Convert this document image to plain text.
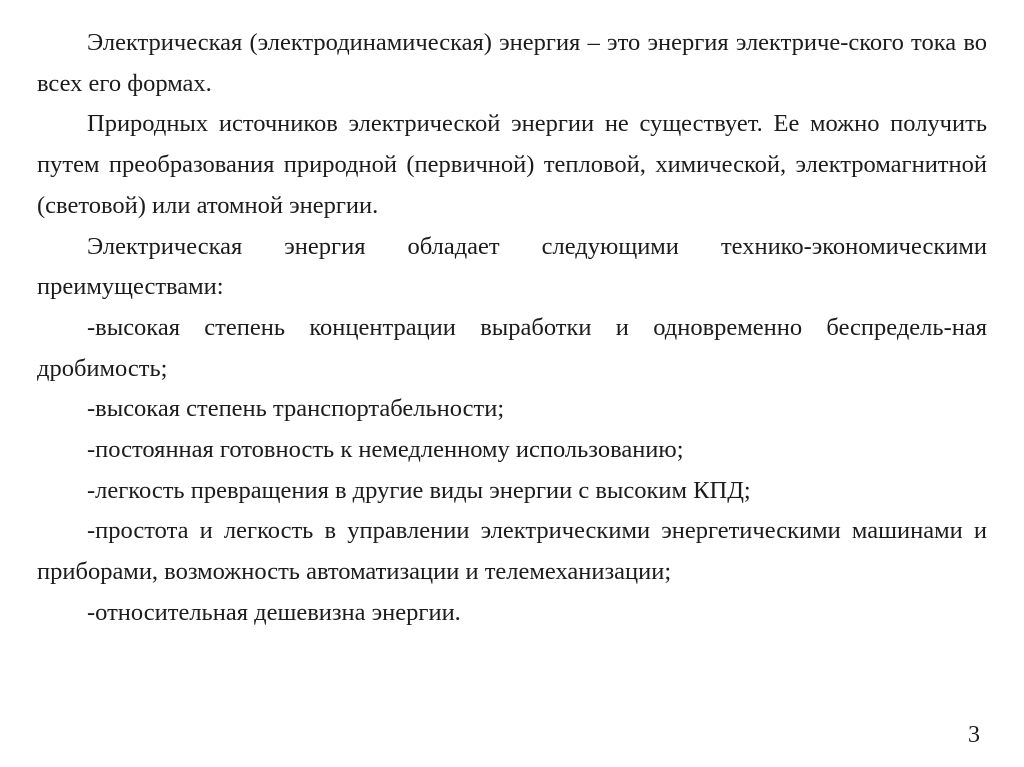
Электрическая (электродинамическая) энергия – это энергия электриче-ского тока во всех его формах.

Природных источников электрической энергии не существует. Ее можно получить путем преобразования природной (первичной) тепловой, химической, электромагнитной (световой) или атомной энергии.

Электрическая энергия обладает следующими технико-экономическими преимуществами:

-высокая степень концентрации выработки и одновременно беспредель-ная дробимость;

-высокая степень транспортабельности;

-постоянная готовность к немедленному использованию;

-легкость превращения в другие виды энергии с высоким КПД;

-простота и легкость в управлении электрическими энергетическими машинами и приборами, возможность автоматизации и телемеханизации;

-относительная дешевизна энергии.

3
